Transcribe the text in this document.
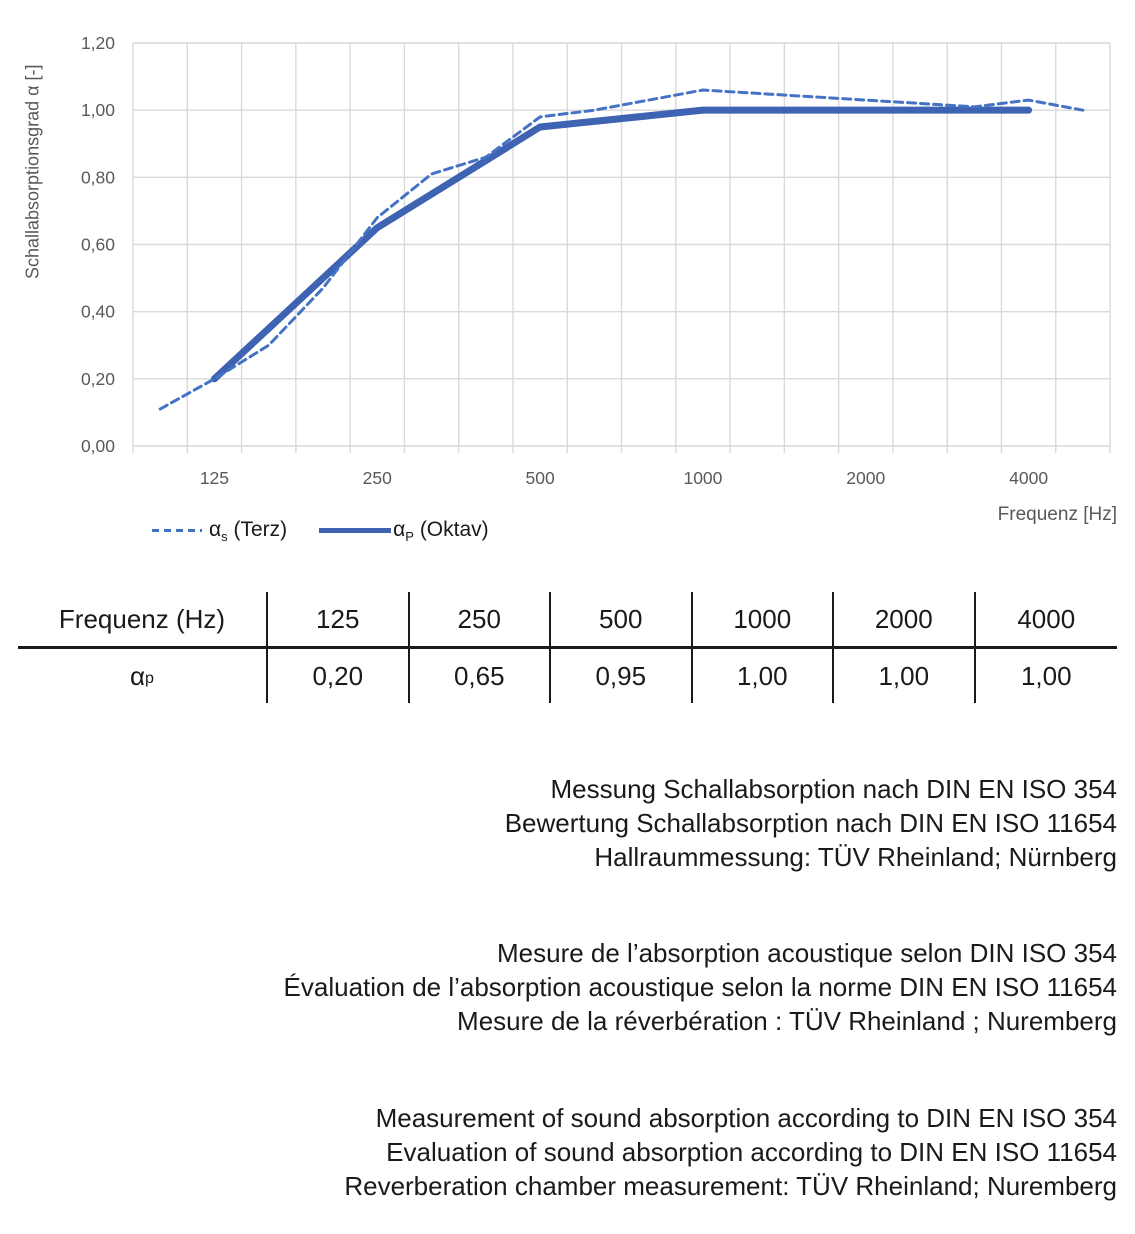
1,20
1,00
0,80
0,60
0,40
0,20
0,00
125	250	500	1000	2000	4000
Schallabsorptionsgrad α [-]
Frequenz [Hz]
$\alpha_s$ (Terz)	$\alpha_P$ (Oktav)
Frequenz (Hz)	125	250	500	1000	2000	4000
$\alpha_p$	0,20	0,65	0,95	1,00	1,00	1,00
Messung Schallabsorption nach DIN EN ISO 354
Bewertung Schallabsorption nach DIN EN ISO 11654
Hallraummessung: TÜV Rheinland; Nürnberg
Mesure de l’absorption acoustique selon DIN ISO 354
Évaluation de l’absorption acoustique selon la norme DIN EN ISO 11654
Mesure de la réverbération : TÜV Rheinland ; Nuremberg
Measurement of sound absorption according to DIN EN ISO 354
Evaluation of sound absorption according to DIN EN ISO 11654
Reverberation chamber measurement: TÜV Rheinland; Nuremberg
